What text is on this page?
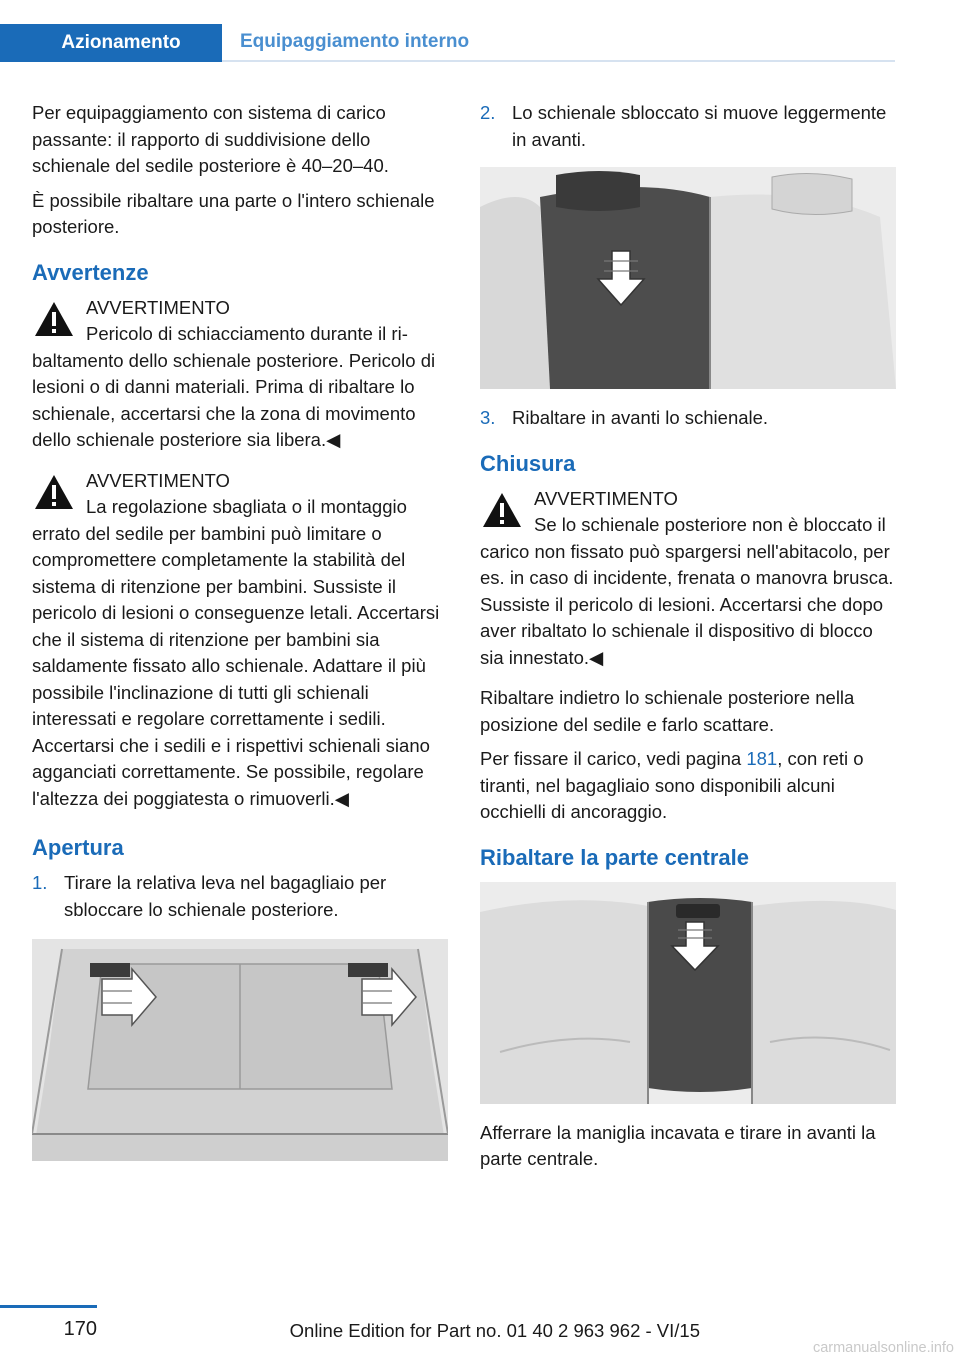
Azionamento	Equipaggiamento interno

Per equipaggiamento con sistema di carico passante: il rapporto di suddivisione dello schienale del sedile posteriore è 40–20–40.

È possibile ribaltare una parte o l'intero schienale posteriore.

Avvertenze
AVVERTIMENTO
Pericolo di schiacciamento durante il ribaltamento dello schienale posteriore. Pericolo di lesioni o di danni materiali. Prima di ribaltare lo schienale, accertarsi che la zona di movimento dello schienale posteriore sia libera.◀
AVVERTIMENTO
La regolazione sbagliata o il montaggio errato del sedile per bambini può limitare o compromettere completamente la stabilità del sistema di ritenzione per bambini. Sussiste il pericolo di lesioni o conseguenze letali. Accertarsi che il sistema di ritenzione per bambini sia saldamente fissato allo schienale. Adattare il più possibile l'inclinazione di tutti gli schienali interessati e regolare correttamente i sedili. Accertarsi che i sedili e i rispettivi schienali siano agganciati correttamente. Se possibile, regolare l'altezza dei poggiatesta o rimuoverli.◀
Apertura
1. Tirare la relativa leva nel bagagliaio per sbloccare lo schienale posteriore.
2. Lo schienale sbloccato si muove leggermente in avanti.
3. Ribaltare in avanti lo schienale.
Chiusura
AVVERTIMENTO
Se lo schienale posteriore non è bloccato il carico non fissato può spargersi nell'abitacolo, per es. in caso di incidente, frenata o manovra brusca. Sussiste il pericolo di lesioni. Accertarsi che dopo aver ribaltato lo schienale il dispositivo di blocco sia innestato.◀

Ribaltare indietro lo schienale posteriore nella posizione del sedile e farlo scattare.

Per fissare il carico, vedi pagina 181, con reti o tiranti, nel bagagliaio sono disponibili alcuni occhielli di ancoraggio.

Ribaltare la parte centrale

Afferrare la maniglia incavata e tirare in avanti la parte centrale.

170	Online Edition for Part no. 01 40 2 963 962 - VI/15
carmanualsonline.info
